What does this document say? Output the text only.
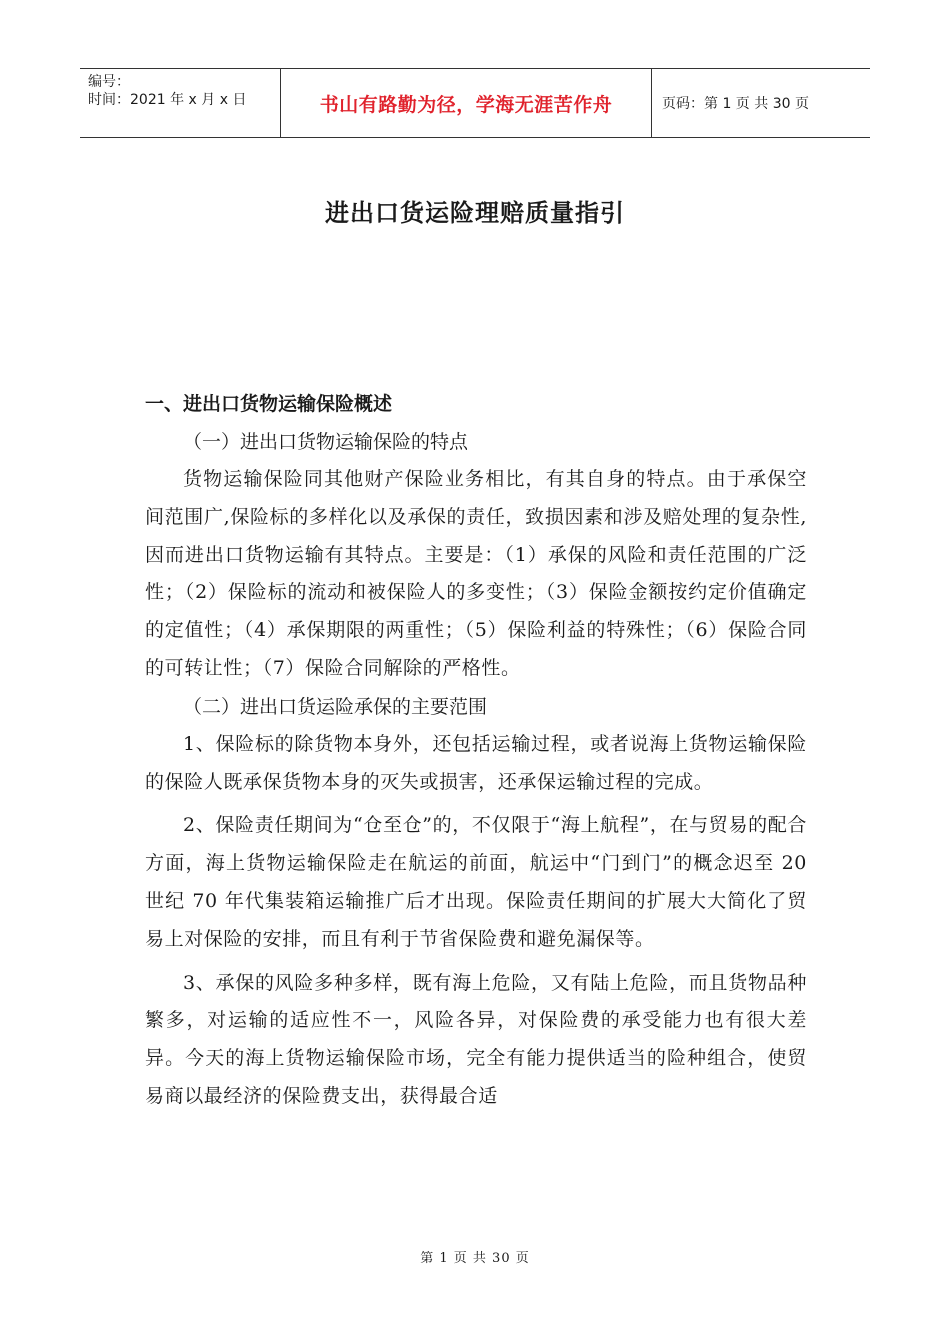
编号：
时间：2021 年 x 月 x 日	书山有路勤为径，学海无涯苦作舟	页码：第 1 页 共 30 页
进出口货运险理赔质量指引

一、进出口货物运输保险概述

（一）进出口货物运输保险的特点

货物运输保险同其他财产保险业务相比，有其自身的特点。由于承保空间范围广,保险标的多样化以及承保的责任，致损因素和涉及赔处理的复杂性,因而进出口货物运输有其特点。主要是：（1）承保的风险和责任范围的广泛性；（2）保险标的流动和被保险人的多变性；（3）保险金额按约定价值确定的定值性；（4）承保期限的两重性；（5）保险利益的特殊性；（6）保险合同的可转让性；（7）保险合同解除的严格性。

（二）进出口货运险承保的主要范围

1、保险标的除货物本身外，还包括运输过程，或者说海上货物运输保险的保险人既承保货物本身的灭失或损害，还承保运输过程的完成。

2、保险责任期间为“仓至仓”的，不仅限于“海上航程”，在与贸易的配合方面，海上货物运输保险走在航运的前面，航运中“门到门”的概念迟至 20 世纪 70 年代集装箱运输推广后才出现。保险责任期间的扩展大大简化了贸易上对保险的安排，而且有利于节省保险费和避免漏保等。

3、承保的风险多种多样，既有海上危险，又有陆上危险，而且货物品种繁多，对运输的适应性不一，风险各异，对保险费的承受能力也有很大差异。今天的海上货物运输保险市场，完全有能力提供适当的险种组合，使贸易商以最经济的保险费支出，获得最合适

第 1 页 共 30 页
